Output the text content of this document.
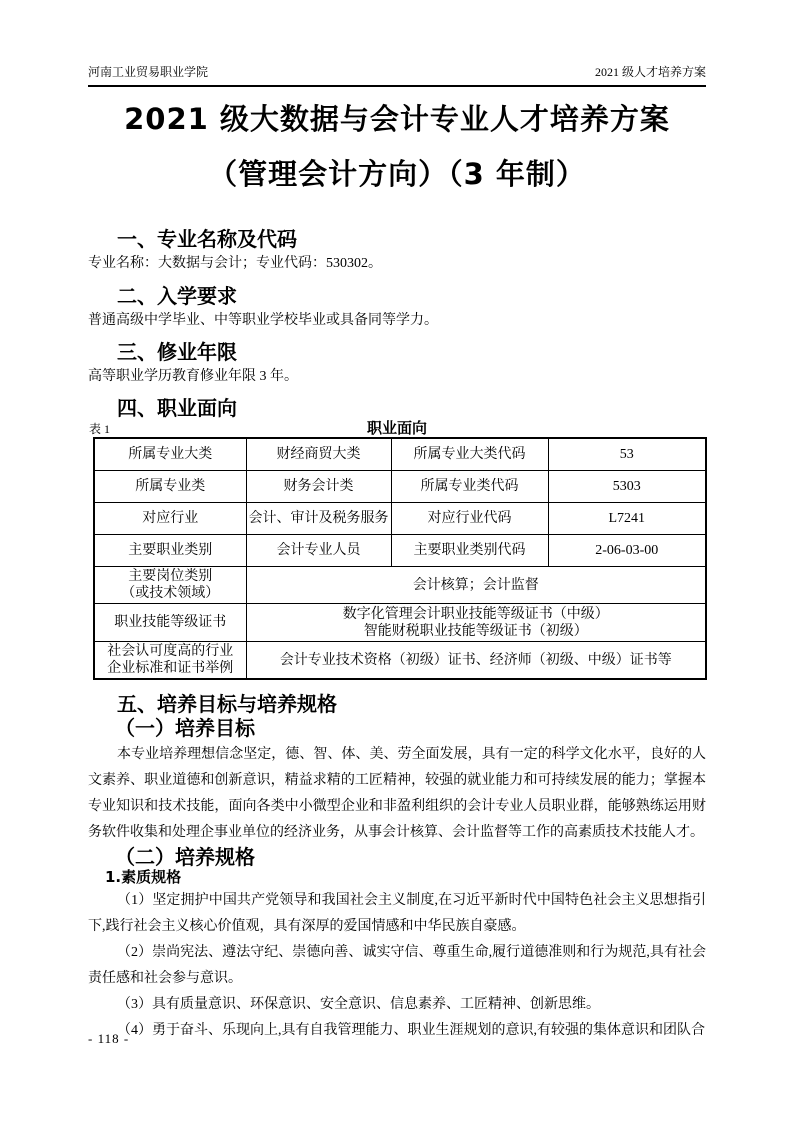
河南工业贸易职业学院	2021 级人才培养方案
2021 级大数据与会计专业人才培养方案
（管理会计方向）（3 年制）
一、专业名称及代码
专业名称：大数据与会计；专业代码：530302。
二、入学要求
普通高级中学毕业、中等职业学校毕业或具备同等学力。
三、修业年限
高等职业学历教育修业年限 3 年。
四、职业面向
表 1	职业面向
所属专业大类	财经商贸大类	所属专业大类代码	53
所属专业类	财务会计类	所属专业类代码	5303
对应行业	会计、审计及税务服务	对应行业代码	L7241
主要职业类别	会计专业人员	主要职业类别代码	2-06-03-00

主要岗位类别
（或技术领域）	会计核算；会计监督		

职业技能等级证书	数字化管理会计职业技能等级证书（中级）
智能财税职业技能等级证书（初级）		

社会认可度高的行业
企业标准和证书举例	会计专业技术资格（初级）证书、经济师（初级、中级）证书等		
五、培养目标与培养规格
（一）培养目标
本专业培养理想信念坚定，德、智、体、美、劳全面发展，具有一定的科学文化水平，良好的人文素养、职业道德和创新意识，精益求精的工匠精神，较强的就业能力和可持续发展的能力；掌握本专业知识和技术技能，面向各类中小微型企业和非盈利组织的会计专业人员职业群，能够熟练运用财务软件收集和处理企事业单位的经济业务，从事会计核算、会计监督等工作的高素质技术技能人才。
（二）培养规格
1.素质规格
（1）坚定拥护中国共产党领导和我国社会主义制度,在习近平新时代中国特色社会主义思想指引下,践行社会主义核心价值观，具有深厚的爱国情感和中华民族自豪感。
（2）崇尚宪法、遵法守纪、崇德向善、诚实守信、尊重生命,履行道德准则和行为规范,具有社会责任感和社会参与意识。
（3）具有质量意识、环保意识、安全意识、信息素养、工匠精神、创新思维。
（4）勇于奋斗、乐现向上,具有自我管理能力、职业生涯规划的意识,有较强的集体意识和团队合
- 118 -
